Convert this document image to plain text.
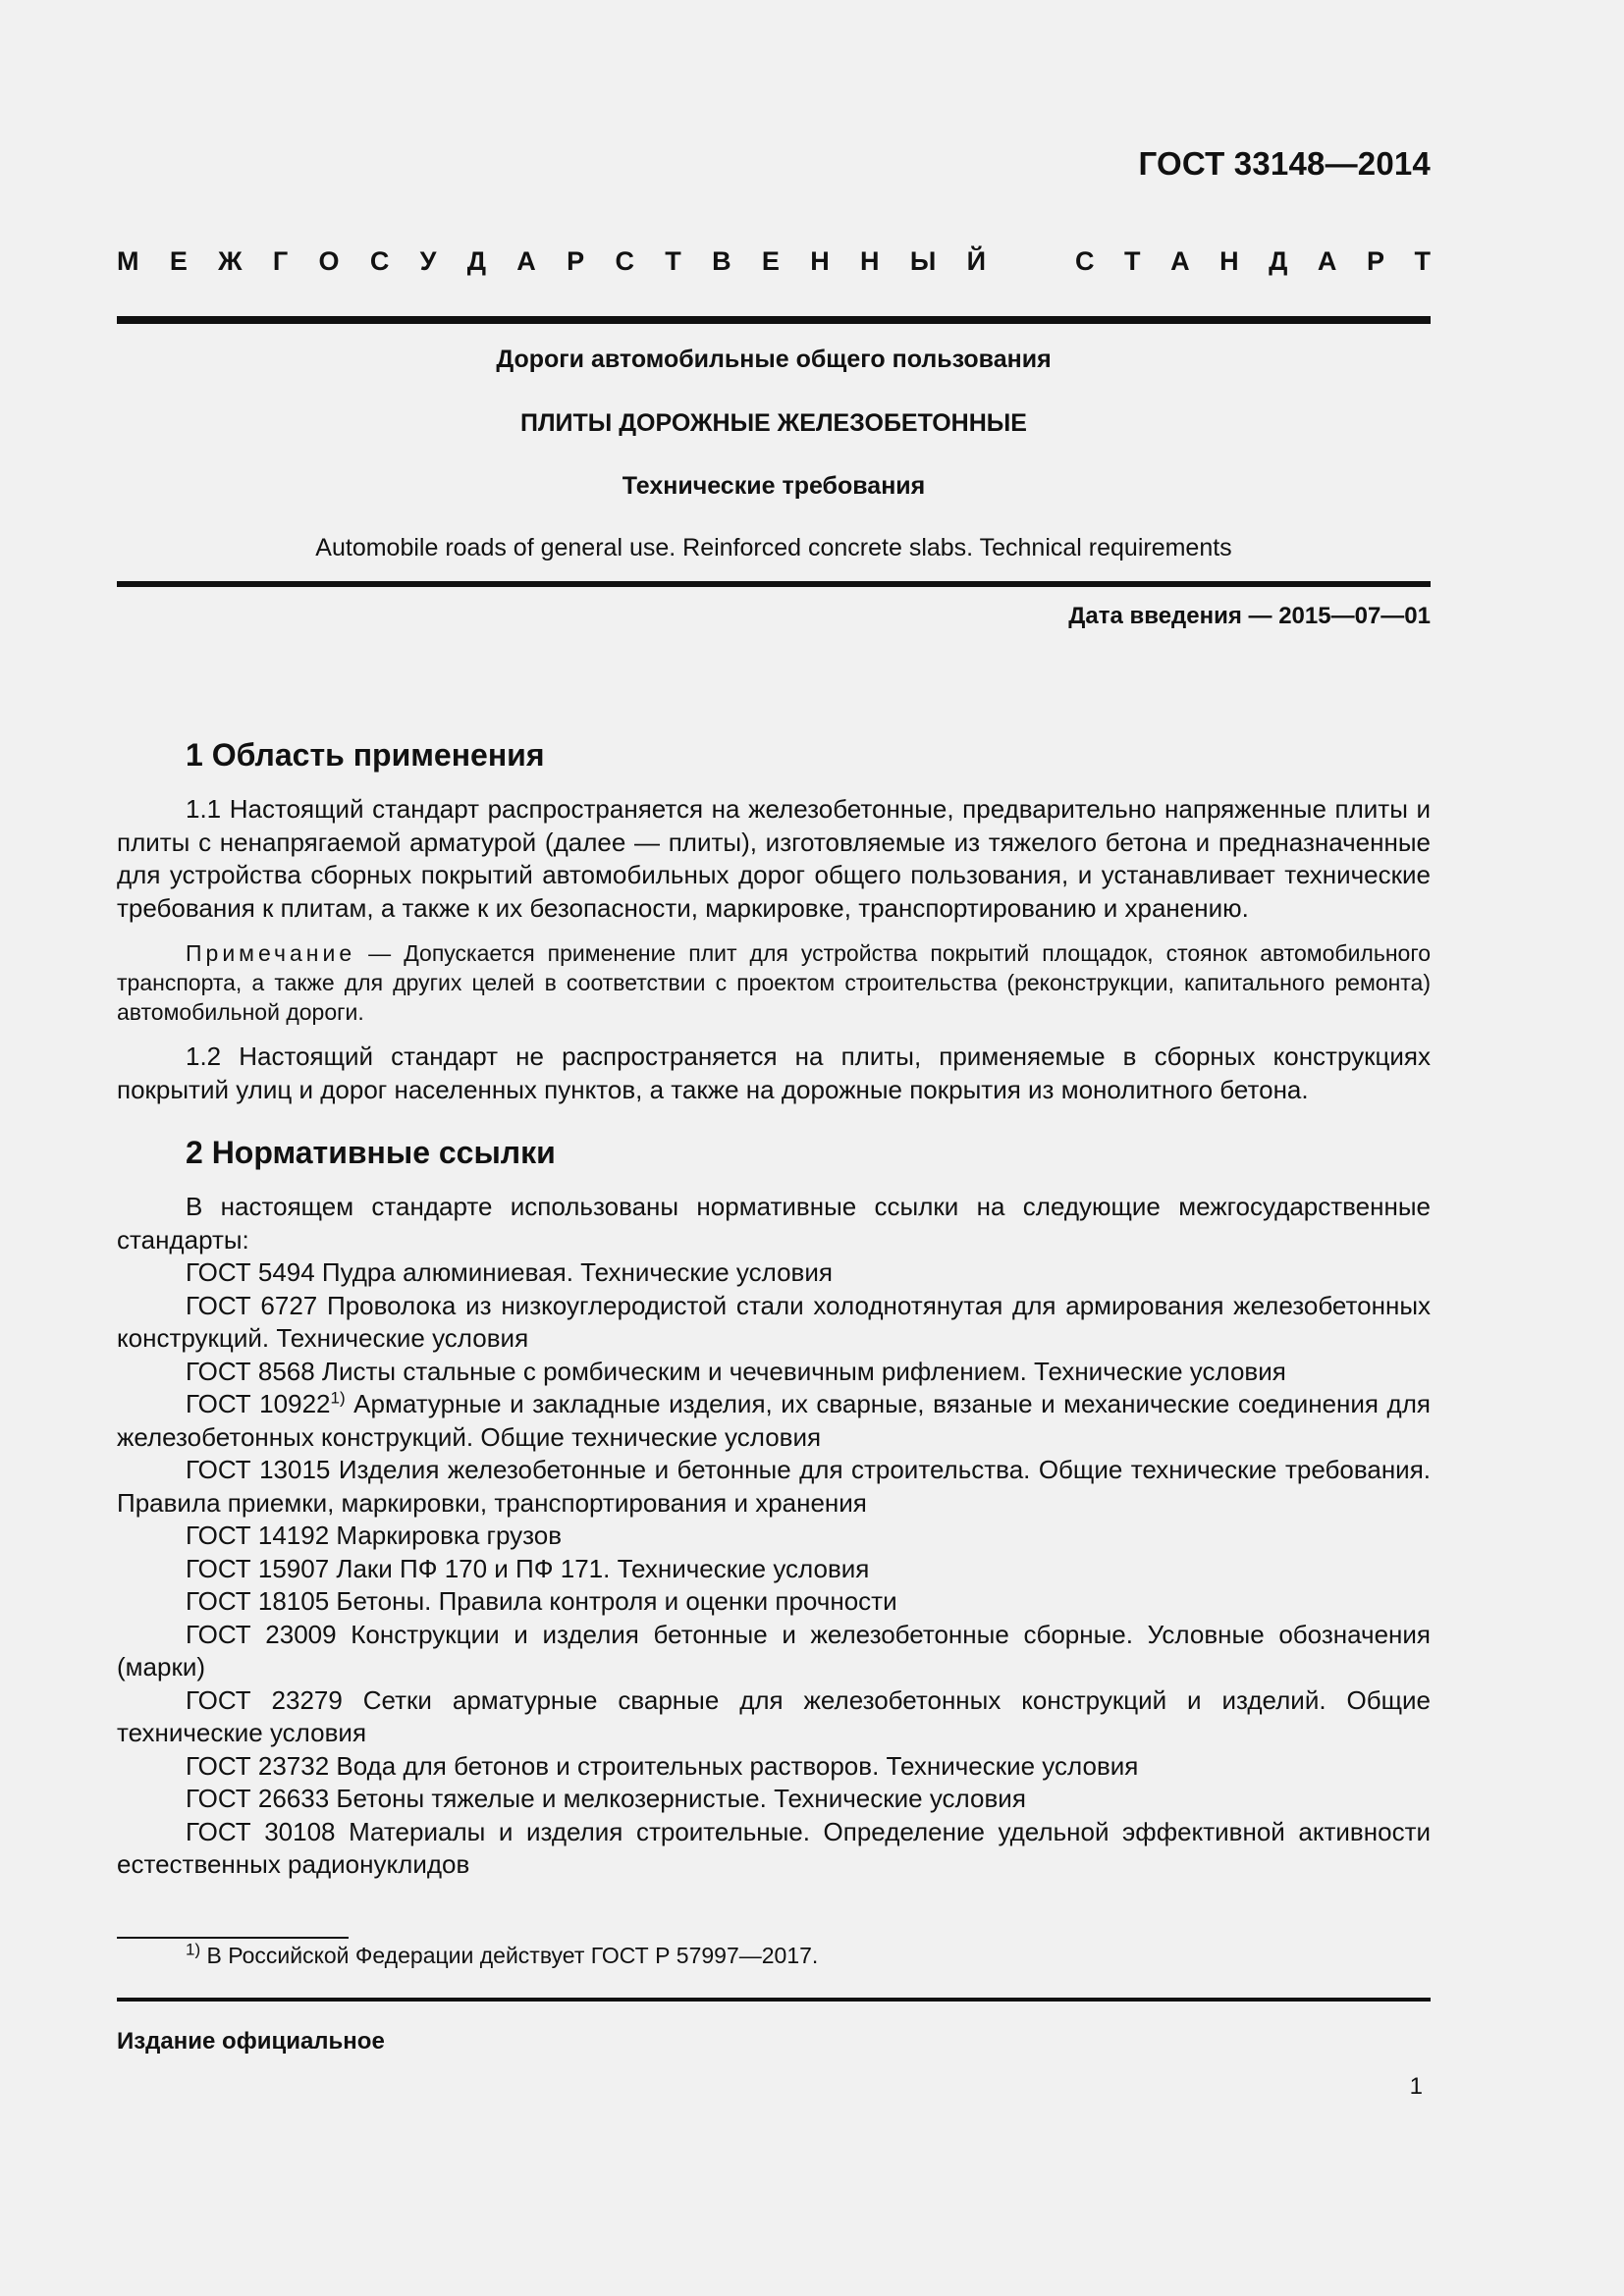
ГОСТ 33148—2014
М Е Ж Г О С У Д А Р С Т В Е Н Н Ы Й	С Т А Н Д А Р Т
Дороги автомобильные общего пользования
ПЛИТЫ ДОРОЖНЫЕ ЖЕЛЕЗОБЕТОННЫЕ
Технические требования
Automobile roads of general use. Reinforced concrete slabs. Technical requirements
Дата введения — 2015—07—01
1 Область применения

1.1 Настоящий стандарт распространяется на железобетонные, предварительно напряженные плиты и плиты с ненапрягаемой арматурой (далее — плиты), изготовляемые из тяжелого бетона и предназначенные для устройства сборных покрытий автомобильных дорог общего пользования, и устанавливает технические требования к плитам, а также к их безопасности, маркировке, транспортированию и хранению.

Примечание — Допускается применение плит для устройства покрытий площадок, стоянок автомобильного транспорта, а также для других целей в соответствии с проектом строительства (реконструкции, капитального ремонта) автомобильной дороги.

1.2 Настоящий стандарт не распространяется на плиты, применяемые в сборных конструкциях покрытий улиц и дорог населенных пунктов, а также на дорожные покрытия из монолитного бетона.

2 Нормативные ссылки

В настоящем стандарте использованы нормативные ссылки на следующие межгосударственные стандарты:

ГОСТ 5494 Пудра алюминиевая. Технические условия

ГОСТ 6727 Проволока из низкоуглеродистой стали холоднотянутая для армирования железобетонных конструкций. Технические условия

ГОСТ 8568 Листы стальные с ромбическим и чечевичным рифлением. Технические условия

ГОСТ 10922$^{1)}$ Арматурные и закладные изделия, их сварные, вязаные и механические соединения для железобетонных конструкций. Общие технические условия

ГОСТ 13015 Изделия железобетонные и бетонные для строительства. Общие технические требования. Правила приемки, маркировки, транспортирования и хранения

ГОСТ 14192 Маркировка грузов

ГОСТ 15907 Лаки ПФ 170 и ПФ 171. Технические условия

ГОСТ 18105 Бетоны. Правила контроля и оценки прочности

ГОСТ 23009 Конструкции и изделия бетонные и железобетонные сборные. Условные обозначения (марки)

ГОСТ 23279 Сетки арматурные сварные для железобетонных конструкций и изделий. Общие технические условия

ГОСТ 23732 Вода для бетонов и строительных растворов. Технические условия

ГОСТ 26633 Бетоны тяжелые и мелкозернистые. Технические условия

ГОСТ 30108 Материалы и изделия строительные. Определение удельной эффективной активности естественных радионуклидов

$^{1)}$ В Российской Федерации действует ГОСТ Р 57997—2017.
Издание официальное
1
